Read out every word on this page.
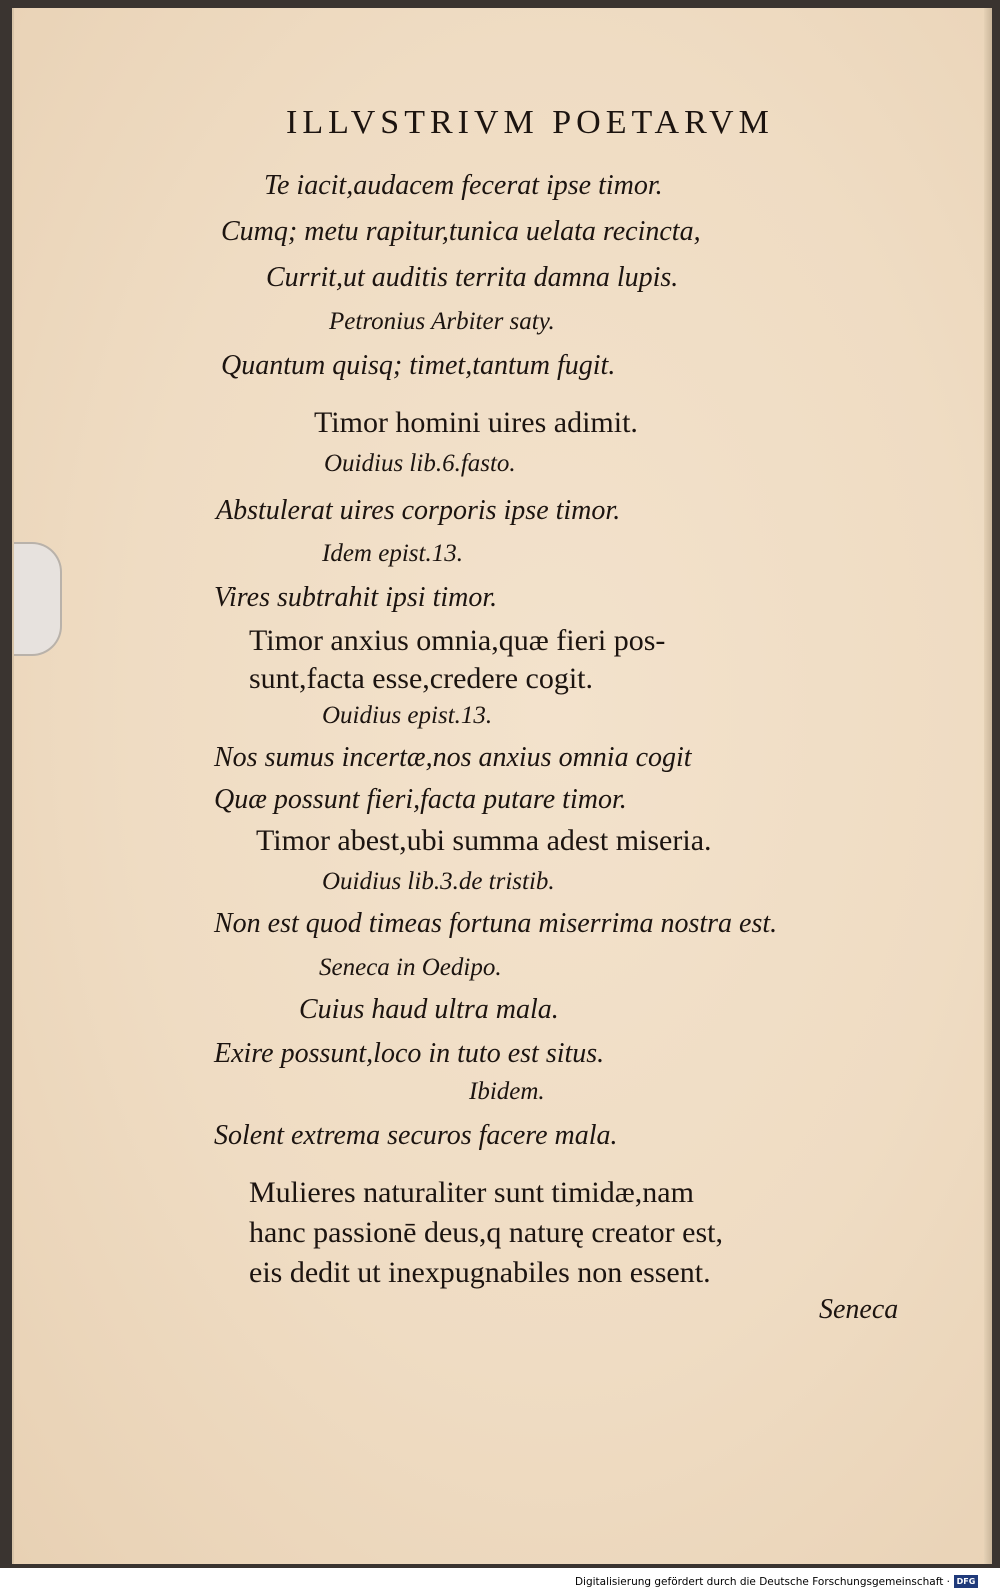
ILLVSTRIVM POETARVM
Te iacit,audacem fecerat ipse timor.
Cumq; metu rapitur,tunica uelata recincta,
Currit,ut auditis territa damna lupis.
Petronius Arbiter saty.
Quantum quisq; timet,tantum fugit.
Timor homini uires adimit.
Ouidius lib.6.fasto.
Abstulerat uires corporis ipse timor.
Idem epist.13.
Vires subtrahit ipsi timor.
Timor anxius omnia,quæ fieri pos-
sunt,facta esse,credere cogit.
Ouidius epist.13.
Nos sumus incertæ,nos anxius omnia cogit
Quæ possunt fieri,facta putare timor.
Timor abest,ubi summa adest miseria.
Ouidius lib.3.de tristib.
Non est quod timeas fortuna miserrima nostra est.
Seneca in Oedipo.
Cuius haud ultra mala.
Exire possunt,loco in tuto est situs.
Ibidem.
Solent extrema securos facere mala.
Mulieres naturaliter sunt timidæ,nam
hanc passionē deus,q naturę creator est,
eis dedit ut inexpugnabiles non essent.
Seneca
Digitalisierung gefördert durch die Deutsche Forschungsgemeinschaft · DFG
